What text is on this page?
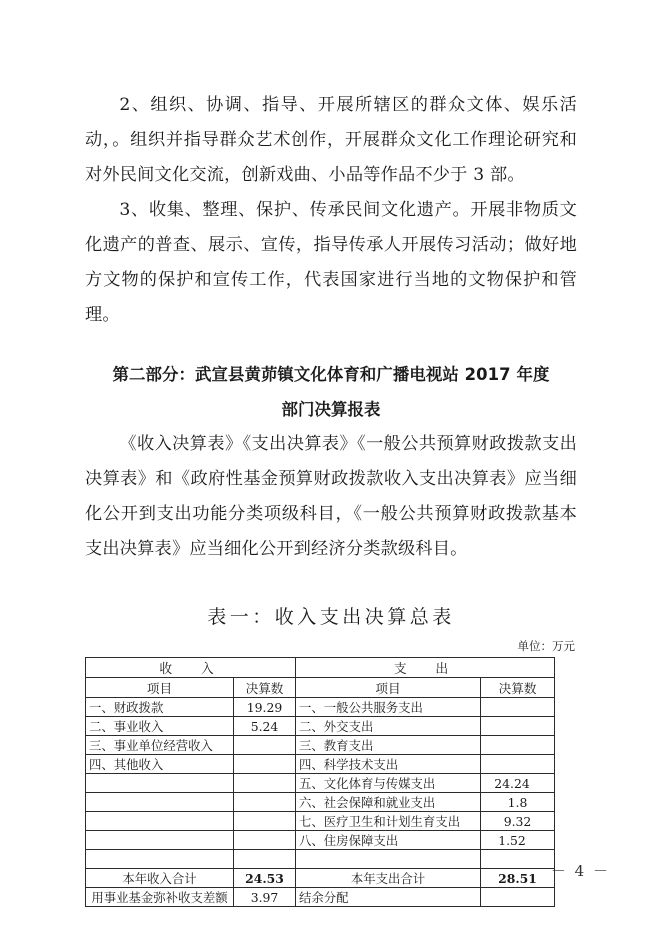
2、组织、协调、指导、开展所辖区的群众文体、娱乐活动，。组织并指导群众艺术创作，开展群众文化工作理论研究和对外民间文化交流，创新戏曲、小品等作品不少于 3 部。

3、收集、整理、保护、传承民间文化遗产。开展非物质文化遗产的普查、展示、宣传，指导传承人开展传习活动；做好地方文物的保护和宣传工作，代表国家进行当地的文物保护和管理。

第二部分：武宣县黄茆镇文化体育和广播电视站 2017 年度
部门决算报表

《收入决算表》《支出决算表》《一般公共预算财政拨款支出决算表》和《政府性基金预算财政拨款收入支出决算表》应当细化公开到支出功能分类项级科目，《一般公共预算财政拨款基本支出决算表》应当细化公开到经济分类款级科目。

表一：收入支出决算总表
单位：万元
收　入		支　出	
项目	决算数	项目	决算数
一、财政拨款	19.29	一、一般公共服务支出	
二、事业收入	5.24	二、外交支出	
三、事业单位经营收入		三、教育支出	
四、其他收入		四、科学技术支出	
		五、文化体育与传媒支出	24.24
		六、社会保障和就业支出	1.8
		七、医疗卫生和计划生育支出	9.32
		八、住房保障支出	1.52

本年收入合计	24.53	本年支出合计	28.51
用事业基金弥补收支差额	3.97	结余分配	
－ 4 －
